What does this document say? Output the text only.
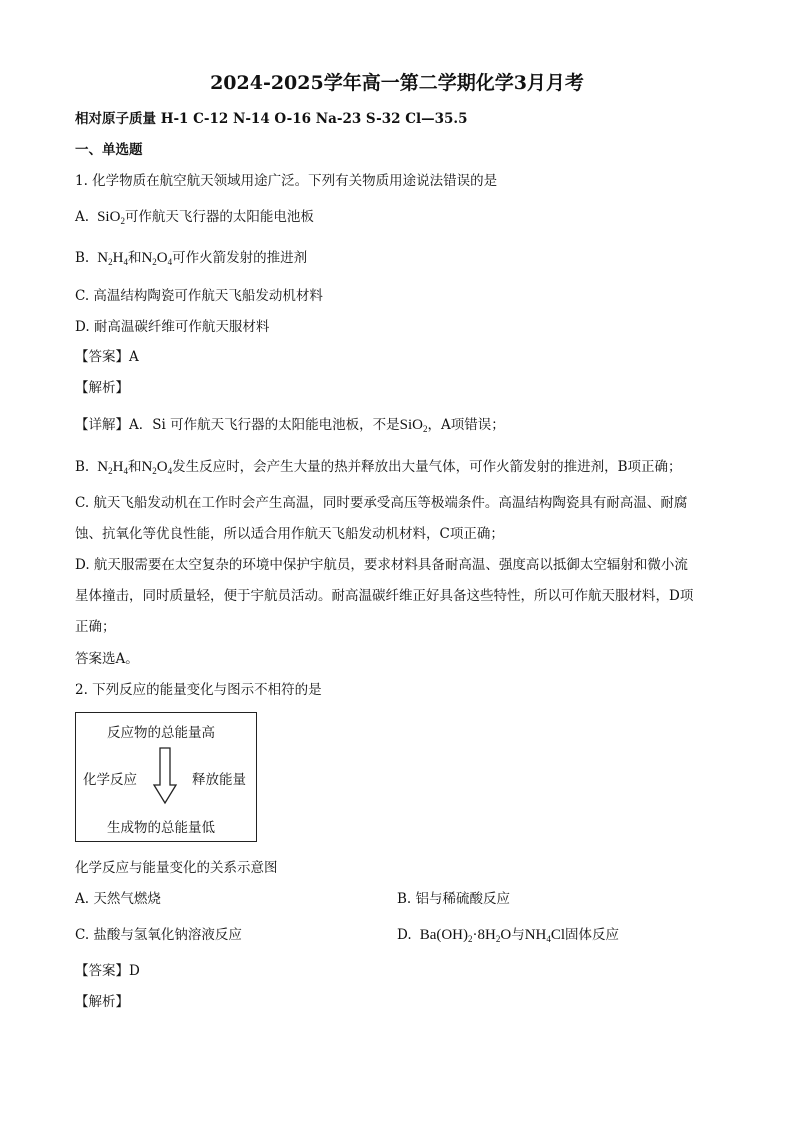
2024-2025学年高一第二学期化学3月月考
相对原子质量 H-1 C-12 N-14 O-16 Na-23 S-32 Cl—35.5
一、单选题
1. 化学物质在航空航天领域用途广泛。下列有关物质用途说法错误的是
A.  SiO$_2$可作航天飞行器的太阳能电池板
B.  $N_2H_4$和$N_2O_4$可作火箭发射的推进剂
C. 高温结构陶瓷可作航天飞船发动机材料
D. 耐高温碳纤维可作航天服材料
【答案】A
【解析】
【详解】A．Si 可作航天飞行器的太阳能电池板，不是SiO$_2$，A项错误；
B.  $N_2H_4$和$N_2O_4$发生反应时，会产生大量的热并释放出大量气体，可作火箭发射的推进剂，B项正确；
C. 航天飞船发动机在工作时会产生高温，同时要承受高压等极端条件。高温结构陶瓷具有耐高温、耐腐
蚀、抗氧化等优良性能，所以适合用作航天飞船发动机材料，C项正确；
D. 航天服需要在太空复杂的环境中保护宇航员，要求材料具备耐高温、强度高以抵御太空辐射和微小流
星体撞击，同时质量轻，便于宇航员活动。耐高温碳纤维正好具备这些特性，所以可作航天服材料，D项
正确；
答案选A。
2. 下列反应的能量变化与图示不相符的是
反应物的总能量高
化学反应	释放能量
生成物的总能量低
化学反应与能量变化的关系示意图
A. 天然气燃烧	B. 铝与稀硫酸反应
C. 盐酸与氢氧化钠溶液反应	D.  $Ba(OH)_2\cdot 8H_2O$与$NH_4Cl$固体反应
【答案】D
【解析】
